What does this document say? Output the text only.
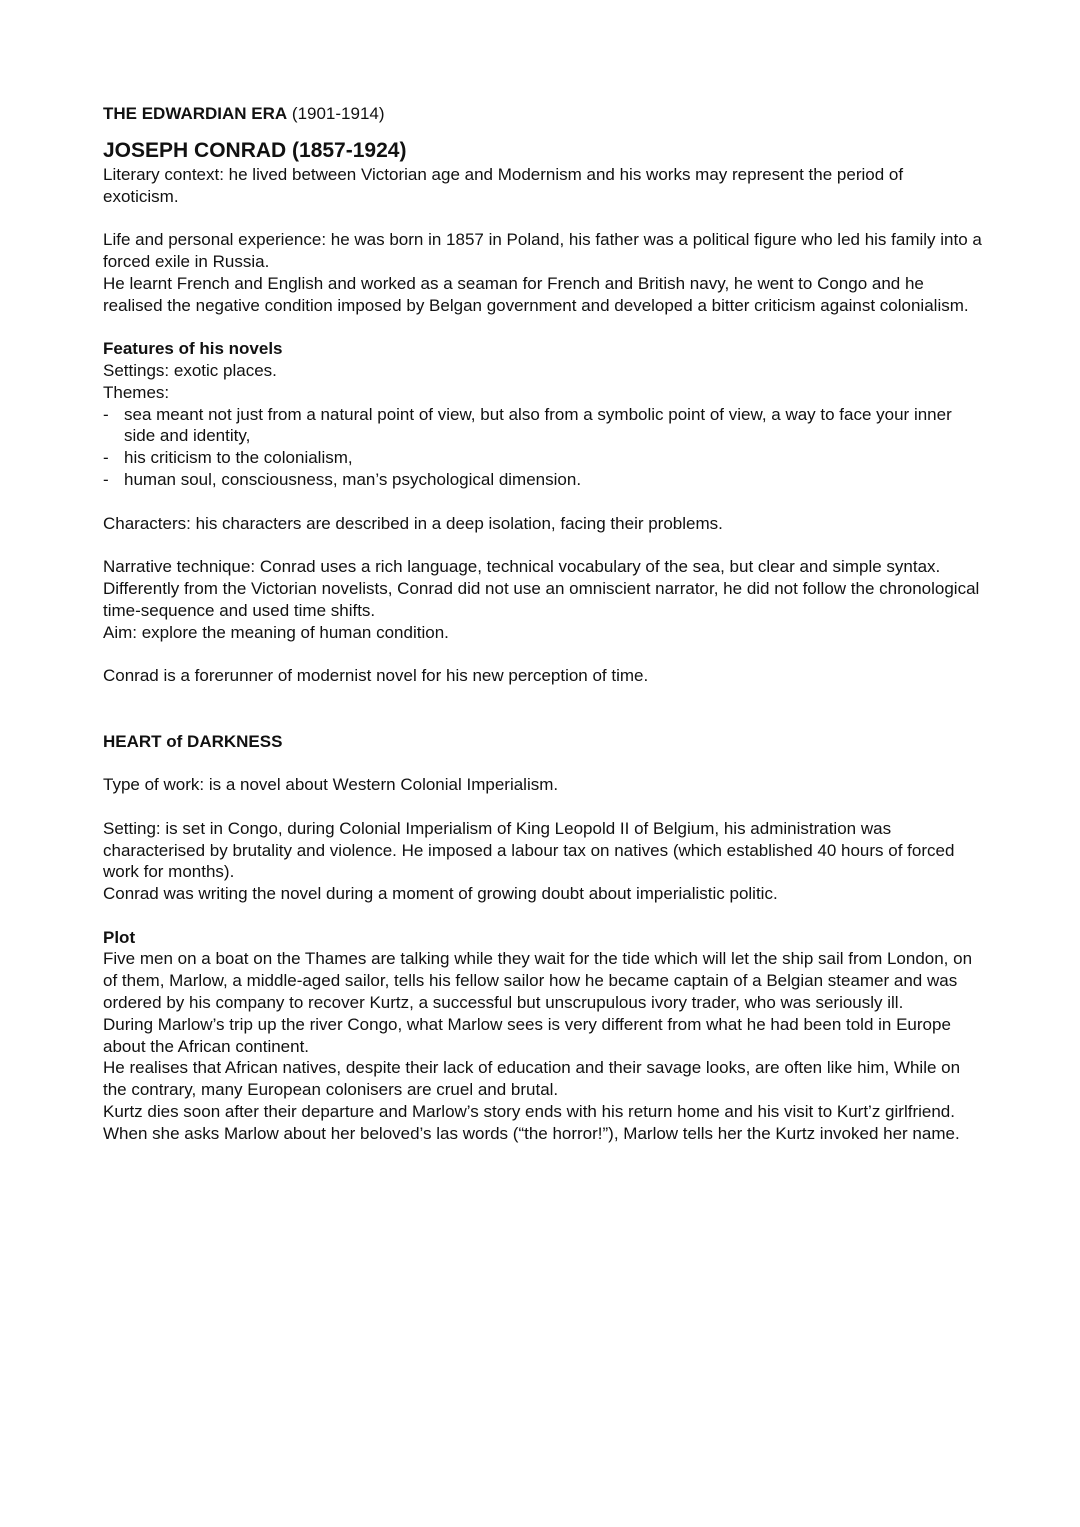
THE EDWARDIAN ERA (1901-1914)

JOSEPH CONRAD (1857-1924)

Literary context: he lived between Victorian age and Modernism and his works may represent the period of exoticism.

Life and personal experience: he was born in 1857 in Poland, his father was a political figure who led his family into a forced exile in Russia.

He learnt French and English and worked as a seaman for French and British navy, he went to Congo and he realised the negative condition imposed by Belgan government and developed a bitter criticism against colonialism.

Features of his novels

Settings: exotic places.

Themes:

- sea meant not just from a natural point of view, but also from a symbolic point of view, a way to face your inner side and identity,
- his criticism to the colonialism,
- human soul, consciousness, man’s psychological dimension.

Characters: his characters are described in a deep isolation, facing their problems.

Narrative technique: Conrad uses a rich language, technical vocabulary of the sea, but clear and simple syntax.

Differently from the Victorian novelists, Conrad did not use an omniscient narrator, he did not follow the chronological time-sequence and used time shifts.

Aim: explore the meaning of human condition.

Conrad is a forerunner of modernist novel for his new perception of time.

HEART of DARKNESS

Type of work: is a novel about Western Colonial Imperialism.

Setting: is set in Congo, during Colonial Imperialism of King Leopold II of Belgium, his administration was characterised by brutality and violence. He imposed a labour tax on natives (which established 40 hours of forced work for months).

Conrad was writing the novel during a moment of growing doubt about imperialistic politic.

Plot

Five men on a boat on the Thames are talking while they wait for the tide which will let the ship sail from London, on of them, Marlow, a middle-aged sailor, tells his fellow sailor how he became captain of a Belgian steamer and was ordered by his company to recover Kurtz, a successful but unscrupulous ivory trader, who was seriously ill.

During Marlow’s trip up the river Congo, what Marlow sees is very different from what he had been told in Europe about the African continent.

He realises that African natives, despite their lack of education and their savage looks, are often like him, While on the contrary, many European colonisers are cruel and brutal.

Kurtz dies soon after their departure and Marlow’s story ends with his return home and his visit to Kurt’z girlfriend.

When she asks Marlow about her beloved’s las words (“the horror!”), Marlow tells her the Kurtz invoked her name.
